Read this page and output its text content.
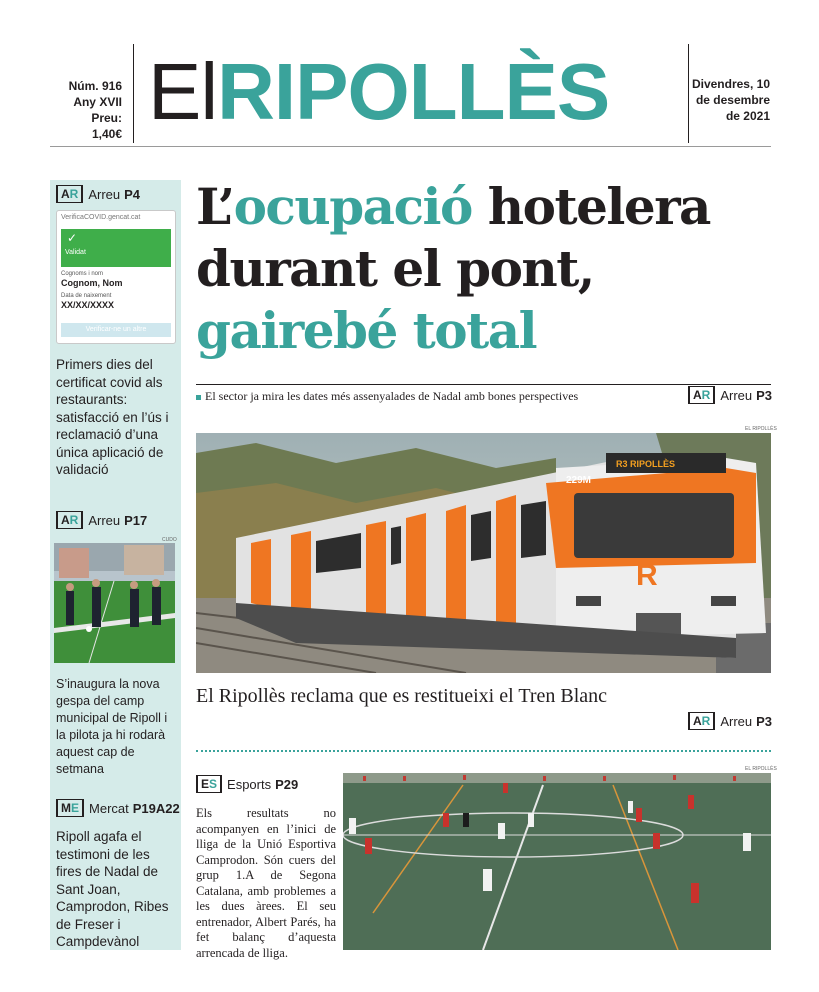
Núm. 916
Any XVII
Preu: 1,40€ ElRIPOLLÈS	Divendres, 10
de desembre
de 2021
AR Arreu P4
VerificaCOVID.gencat.cat
✓
Validat
Cognoms i nom
Cognom, Nom
Data de naixement
XX/XX/XXXX
Verificar-ne un altre
Primers dies del certificat covid als restaurants: satisfacció en l’ús i reclamació d’una única aplicació de validació
AR Arreu P17
CUDO
S’inaugura la nova gespa del camp municipal de Ripoll i la pilota ja hi rodarà aquest cap de setmana
ME Mercat P19A22
Ripoll agafa el testimoni de les fires de Nadal de Sant Joan, Camprodon, Ribes de Freser i Campdevànol
L’ocupació hotelera
durant el pont,
gairebé total
El sector ja mira les dates més assenyalades de Nadal amb bones perspectives	AR Arreu P3
EL RIPOLLÈS
229M
R3 RIPOLLÈS
R
El Ripollès reclama que es restitueixi el Tren Blanc
AR Arreu P3
ES Esports P29
Els resultats no acompanyen en l’inici de lliga de la Unió Esportiva Camprodon. Són cuers del grup 1.A de Segona Catalana, amb problemes a les dues àrees. El seu entrenador, Albert Parés, ha fet balanç d’aquesta arrencada de lliga.
EL RIPOLLÈS
